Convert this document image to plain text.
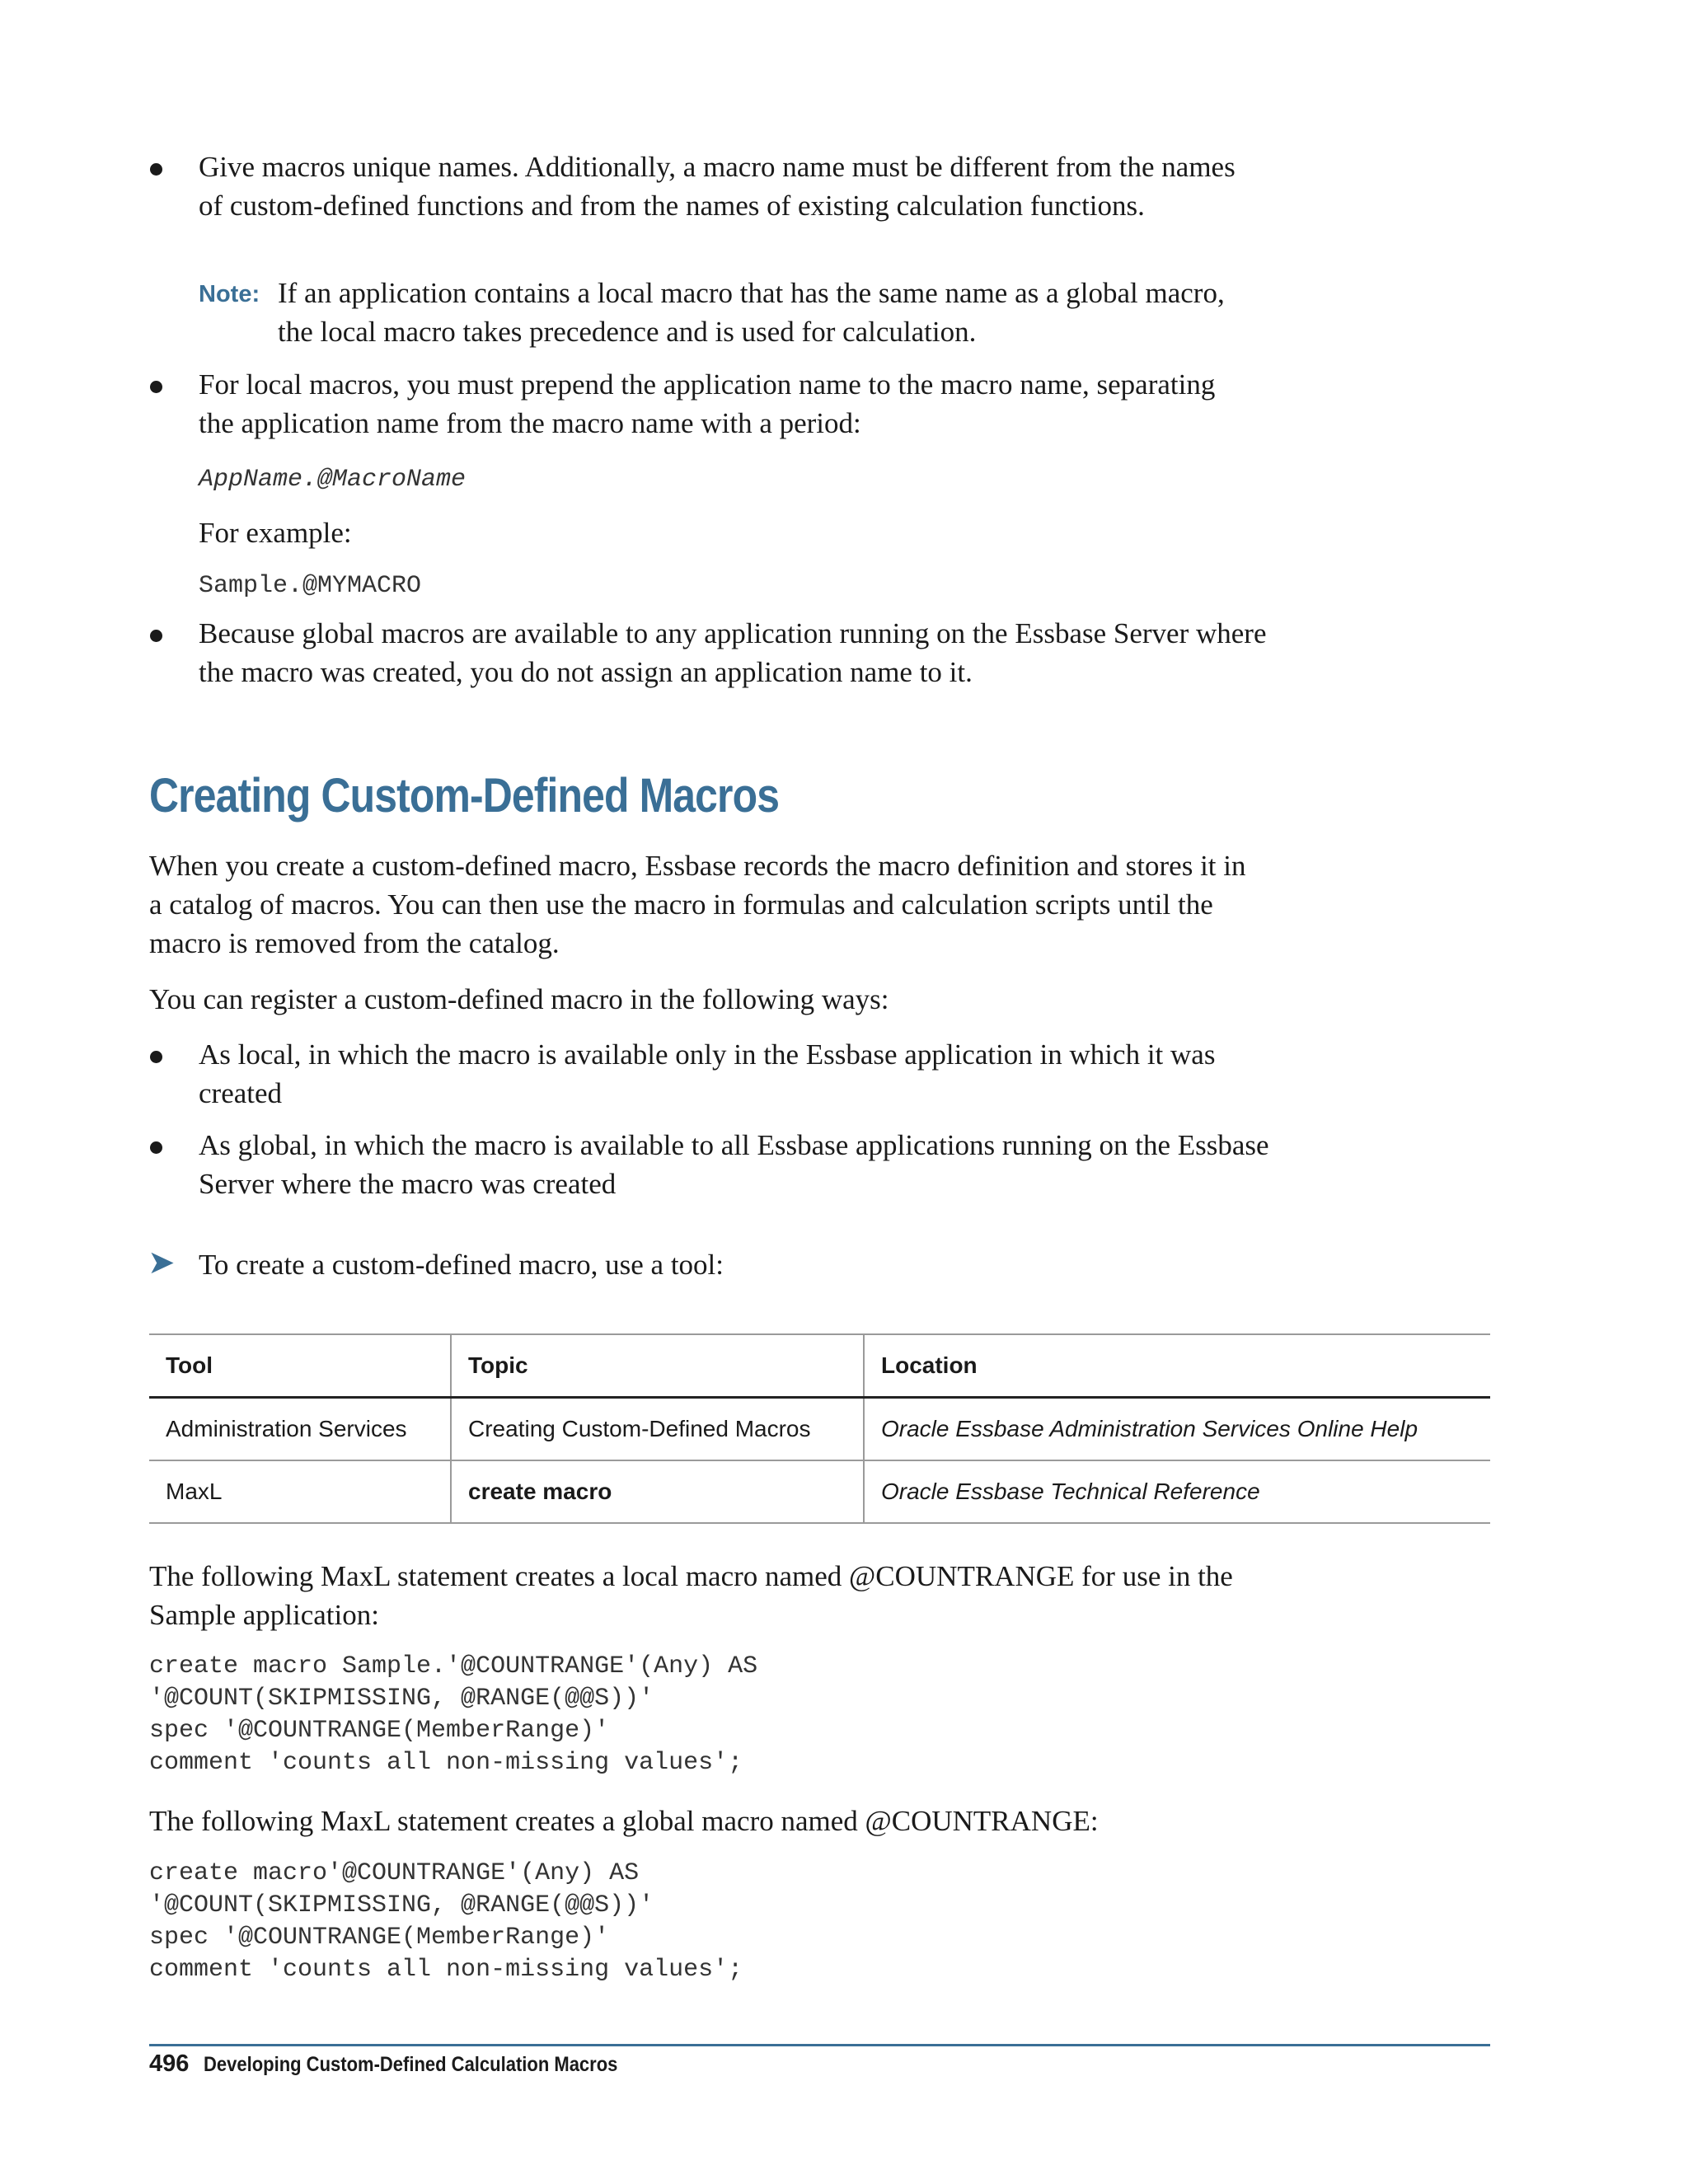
Give macros unique names. Additionally, a macro name must be different from the names
of custom-defined functions and from the names of existing calculation functions.
Note: If an application contains a local macro that has the same name as a global macro,
the local macro takes precedence and is used for calculation.
For local macros, you must prepend the application name to the macro name, separating
the application name from the macro name with a period:
AppName.@MacroName
For example:
Sample.@MYMACRO
Because global macros are available to any application running on the Essbase Server where
the macro was created, you do not assign an application name to it.
Creating Custom-Defined Macros
When you create a custom-defined macro, Essbase records the macro definition and stores it in
a catalog of macros. You can then use the macro in formulas and calculation scripts until the
macro is removed from the catalog.
You can register a custom-defined macro in the following ways:
As local, in which the macro is available only in the Essbase application in which it was
created
As global, in which the macro is available to all Essbase applications running on the Essbase
Server where the macro was created
➤ To create a custom-defined macro, use a tool:
Tool	Topic	Location
Administration Services	Creating Custom-Defined Macros	Oracle Essbase Administration Services Online Help
MaxL	create macro	Oracle Essbase Technical Reference
The following MaxL statement creates a local macro named @COUNTRANGE for use in the
Sample application:
create macro Sample.'@COUNTRANGE'(Any) AS
'@COUNT(SKIPMISSING, @RANGE(@@S))'
spec '@COUNTRANGE(MemberRange)'
comment 'counts all non-missing values';
The following MaxL statement creates a global macro named @COUNTRANGE:
create macro'@COUNTRANGE'(Any) AS
'@COUNT(SKIPMISSING, @RANGE(@@S))'
spec '@COUNTRANGE(MemberRange)'
comment 'counts all non-missing values';
496 Developing Custom-Defined Calculation Macros
